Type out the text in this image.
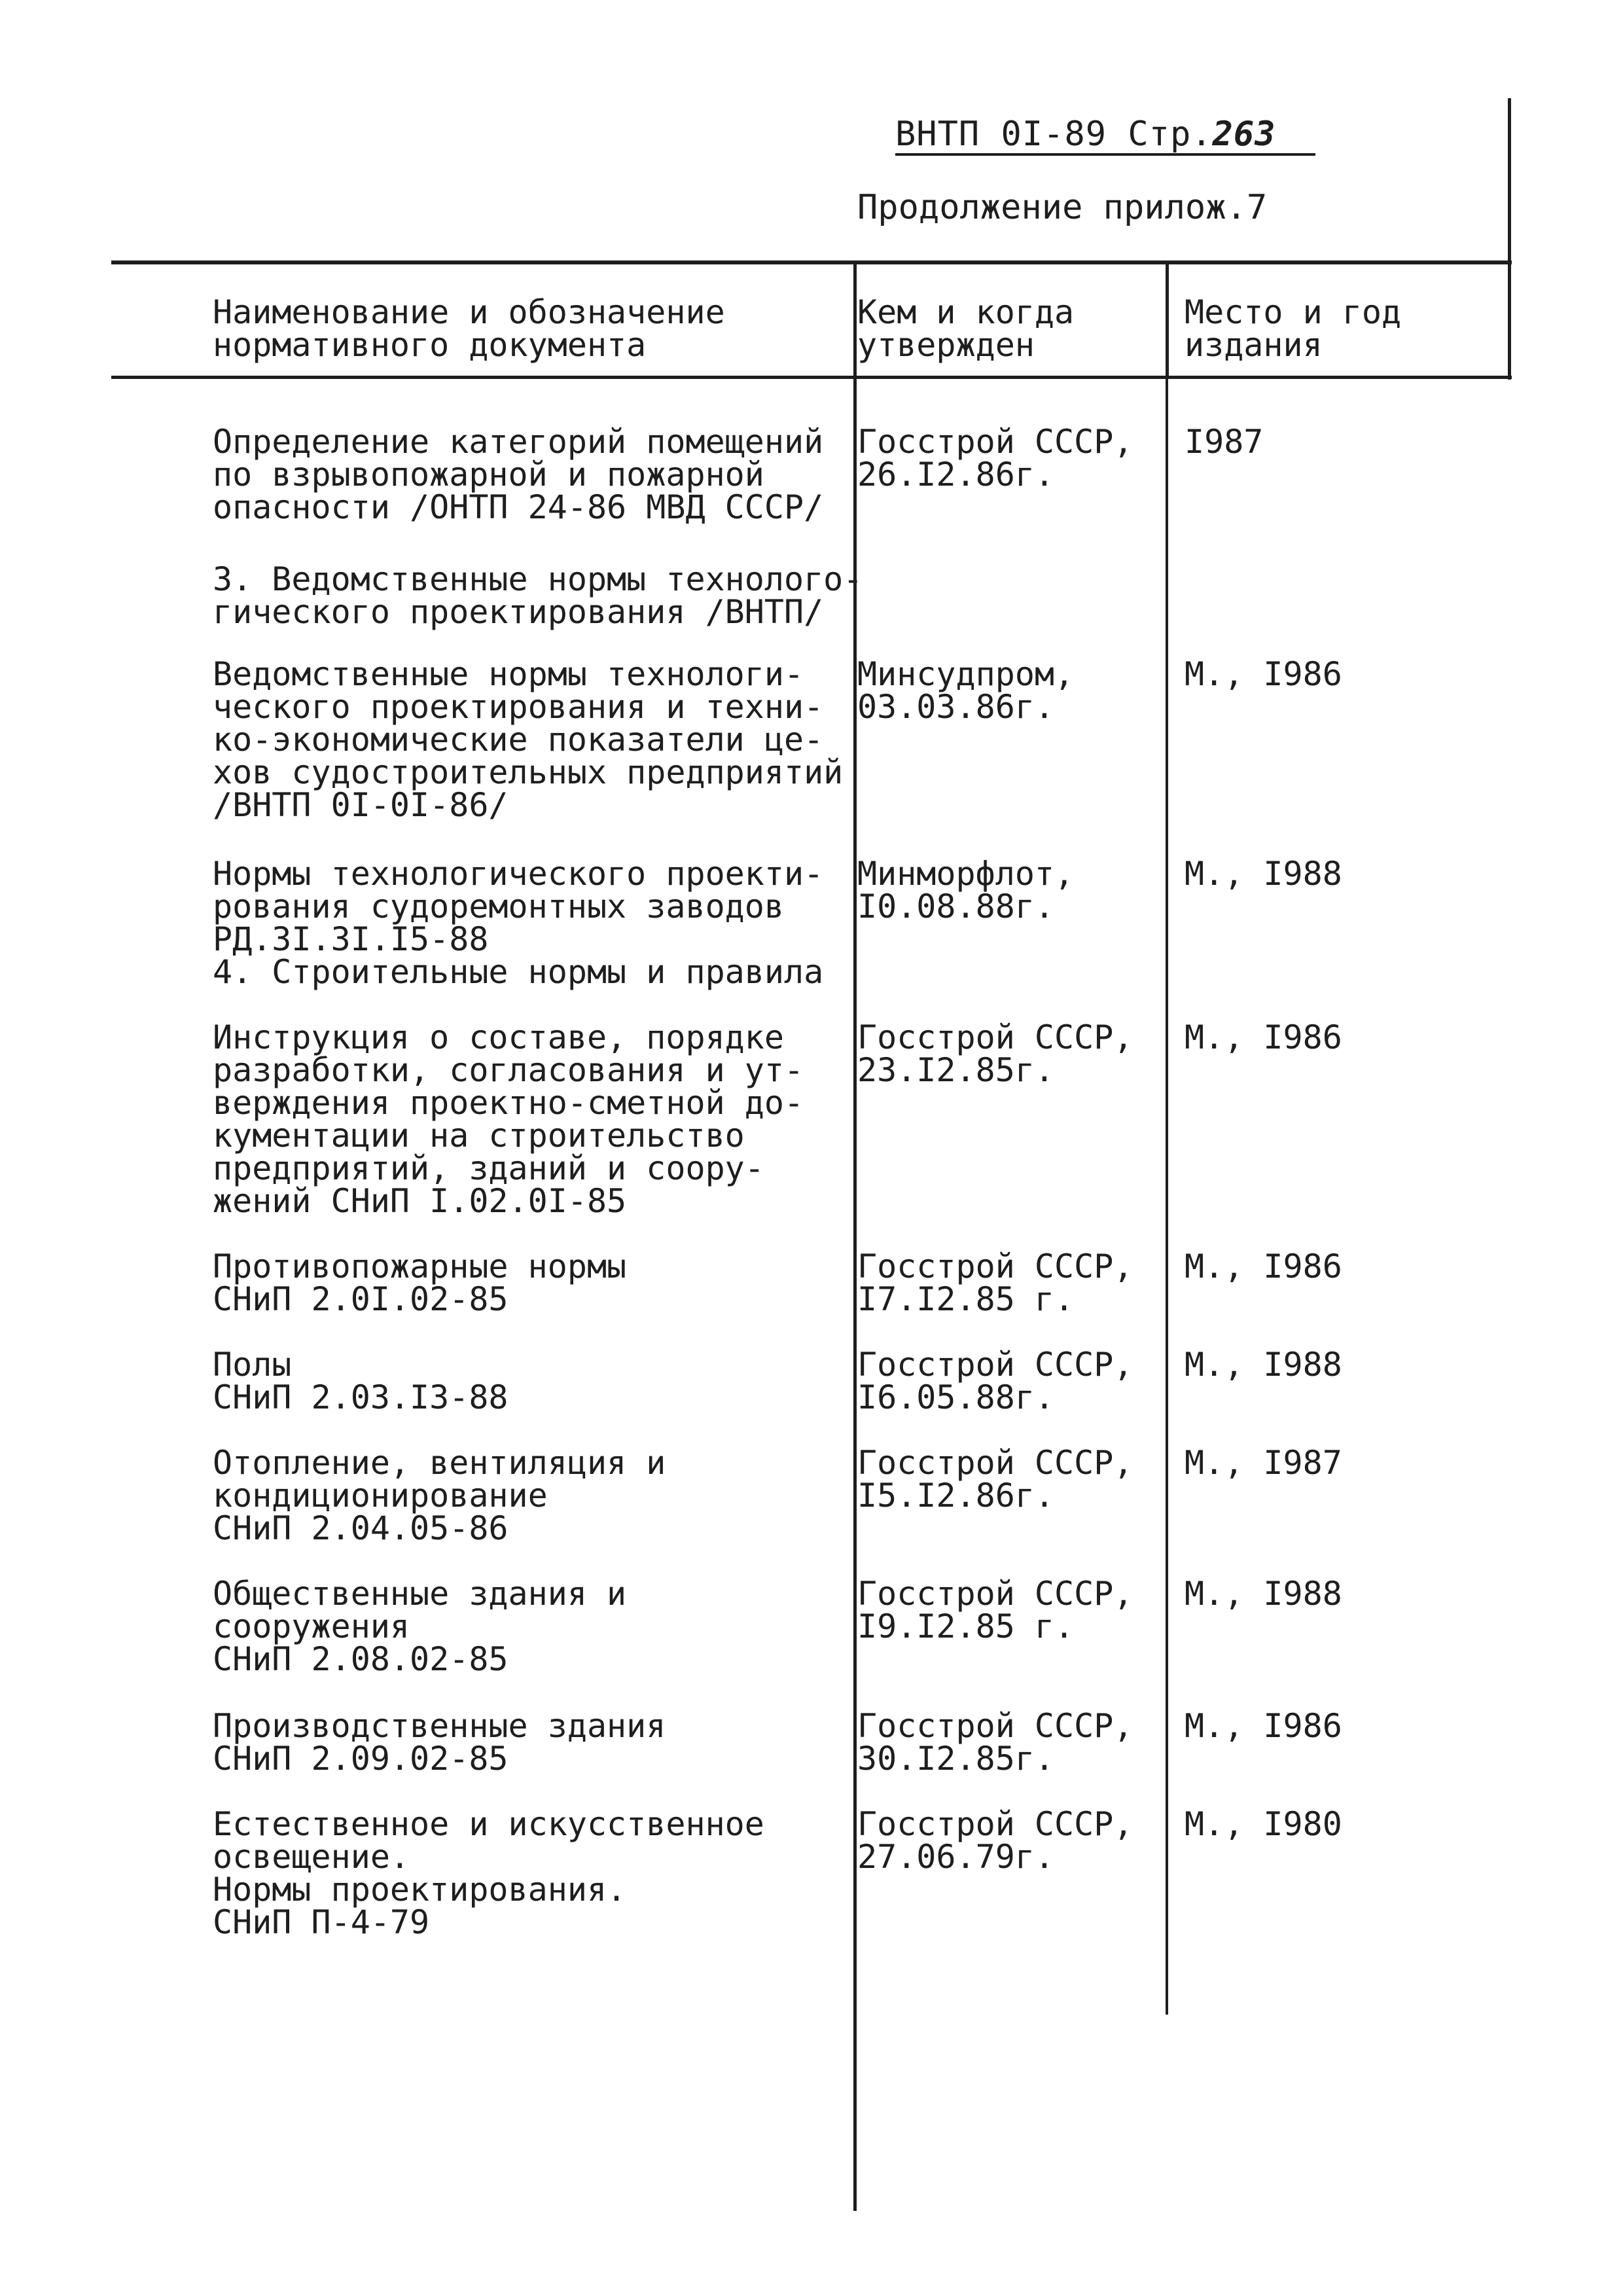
ВНТП 0I-89 Стр.263
Продолжение прилож.7
Наименование и обозначение
нормативного документа
Кем и когда
утвержден
Место и год
издания
Определение категорий помещений
по взрывопожарной и пожарной
опасности /ОНТП 24-86 МВД СССР/
Госстрой СССР,
26.I2.86г.
I987
3. Ведомственные нормы технолого-
гического проектирования /ВНТП/
Ведомственные нормы технологи-
ческого проектирования и техни-
ко-экономические показатели це-
хов судостроительных предприятий
/ВНТП 0I-0I-86/
Минсудпром,
03.03.86г.
М., I986
Нормы технологического проекти-
рования судоремонтных заводов
РД.3I.3I.I5-88
Минморфлот,
I0.08.88г.
М., I988
4. Строительные нормы и правила
Инструкция о составе, порядке
разработки, согласования и ут-
верждения проектно-сметной до-
кументации на строительство
предприятий, зданий и соору-
жений СНиП I.02.0I-85
Госстрой СССР,
23.I2.85г.
М., I986
Противопожарные нормы
СНиП 2.0I.02-85
Госстрой СССР,
I7.I2.85 г.
М., I986
Полы
СНиП 2.03.I3-88
Госстрой СССР,
I6.05.88г.
М., I988
Отопление, вентиляция и
кондиционирование
СНиП 2.04.05-86
Госстрой СССР,
I5.I2.86г.
М., I987
Общественные здания и
сооружения
СНиП 2.08.02-85
Госстрой СССР,
I9.I2.85 г.
М., I988
Производственные здания
СНиП 2.09.02-85
Госстрой СССР,
30.I2.85г.
М., I986
Естественное и искусственное
освещение.
Нормы проектирования.
СНиП П-4-79
Госстрой СССР,
27.06.79г.
М., I980
